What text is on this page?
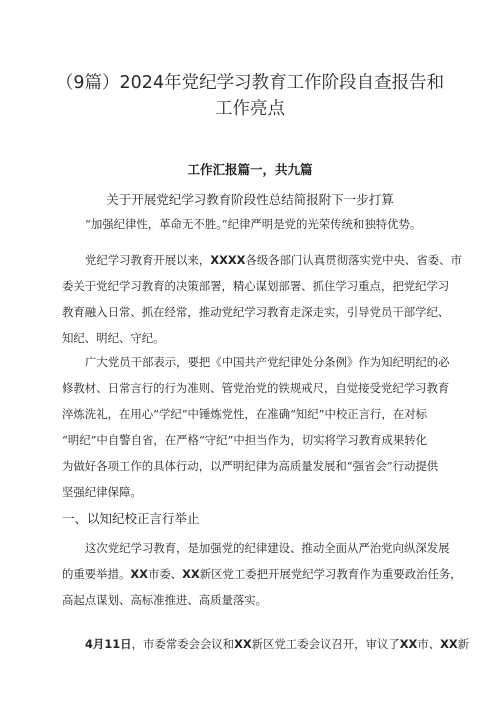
（9篇）2024年党纪学习教育工作阶段自查报告和
工作亮点
工作汇报篇一，共九篇
关于开展党纪学习教育阶段性总结简报附下一步打算
“加强纪律性，革命无不胜。”纪律严明是党的光荣传统和独特优势。
党纪学习教育开展以来，XXXX各级各部门认真贯彻落实党中央、省委、市
委关于党纪学习教育的决策部署，精心谋划部署、抓住学习重点，把党纪学习
教育融入日常、抓在经常，推动党纪学习教育走深走实，引导党员干部学纪、
知纪、明纪、守纪。
广大党员干部表示，要把《中国共产党纪律处分条例》作为知纪明纪的必
修教材、日常言行的行为准则、管党治党的铁规戒尺，自觉接受党纪学习教育
淬炼洗礼，在用心“学纪”中锤炼党性，在准确“知纪”中校正言行，在对标
“明纪”中自警自省，在严格“守纪”中担当作为，切实将学习教育成果转化
为做好各项工作的具体行动，以严明纪律为高质量发展和“强省会”行动提供
坚强纪律保障。
一、以知纪校正言行举止
这次党纪学习教育，是加强党的纪律建设、推动全面从严治党向纵深发展
的重要举措。XX市委、XX新区党工委把开展党纪学习教育作为重要政治任务，
高起点谋划、高标准推进、高质量落实。
4月11日，市委常委会会议和XX新区党工委会议召开，审议了XX市、XX新
